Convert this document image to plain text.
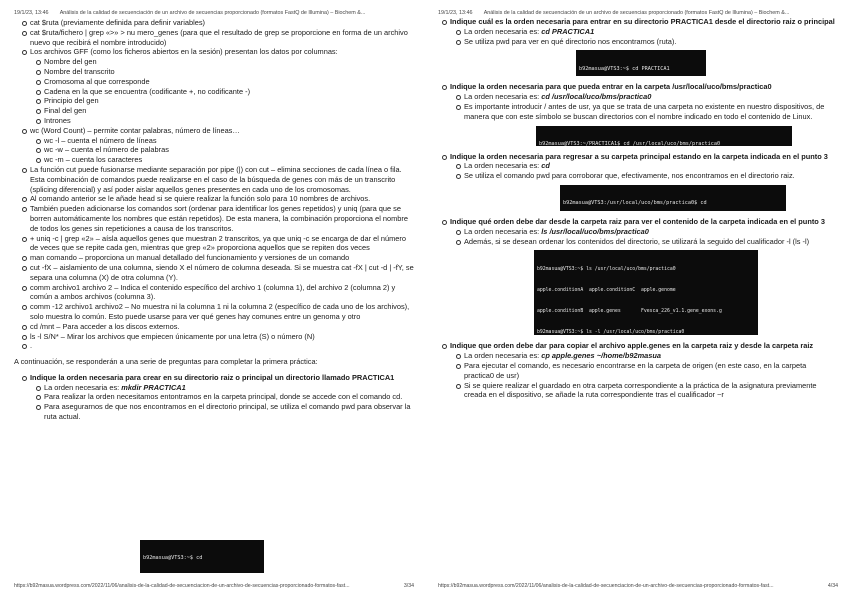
19/1/23, 13:46 Análisis de la calidad de secuenciación de un archivo de secuencias proporcionado (formatos FastQ de Illumina) – Biochem &...
cat $ruta (previamente definida para definir variables)
cat $ruta/fichero | grep «>» > nu mero_genes (para que el resultado de grep se proporcione en forma de un archivo nuevo que recibirá el nombre introducido)
Los archivos GFF (como los ficheros abiertos en la sesión) presentan los datos por columnas:
Nombre del gen
Nombre del transcrito
Cromosoma al que corresponde
Cadena en la que se encuentra (codificante +, no codificante -)
Principio del gen
Final del gen
Intrones
wc (Word Count) – permite contar palabras, número de líneas…
wc -l – cuenta el número de líneas
wc -w – cuenta el número de palabras
wc -m – cuenta los caracteres
La función cut puede fusionarse mediante separación por pipe (|) con cut – elimina secciones de cada línea o fila. Esta combinación de comandos puede realizarse en el caso de la búsqueda de genes con más de un transcrito (splicing diferencial) y así poder aislar aquellos genes presentes en cada uno de los cromosomas.
Al comando anterior se le añade head si se quiere realizar la función solo para 10 nombres de archivos.
También pueden adicionarse los comandos sort (ordenar para identificar los genes repetidos) y uniq (para que se borren automáticamente los nombres que están repetidos). De esta manera, la combinación proporciona el nombre de todos los genes sin repeticiones a causa de los transcritos.
+ uniq -c | grep «2» – aísla aquellos genes que muestran 2 transcritos, ya que uniq -c se encarga de dar el número de veces que se repite cada gen, mientras que grep «2» proporciona aquellos que se repiten dos veces
man comando – proporciona un manual detallado del funcionamiento y versiones de un comando
cut -fX – aislamiento de una columna, siendo X el número de columna deseada. Si se muestra cat -fX | cut -d | -fY, se separa una columna (X) de otra columna (Y).
comm archivo1 archivo 2 – Indica el contenido específico del archivo 1 (columna 1), del archivo 2 (columna 2) y común a ambos archivos (columna 3).
comm -12 archivo1 archivo2 – No muestra ni la columna 1 ni la columna 2 (específico de cada uno de los archivos), solo muestra lo común. Esto puede usarse para ver qué genes hay comunes entre un genoma y otro
cd /mnt – Para acceder a los discos externos.
ls -l S/N* – Mirar los archivos que empiecen únicamente por una letra (S) o número (N)
.

A continuación, se responderán a una serie de preguntas para completar la primera práctica:

Indique la orden necesaria para crear en su directorio raiz o principal un directorio llamado PRACTICA1
La orden necesaria es: mkdir PRACTICA1
Para realizar la orden necesitamos entontramos en la carpeta principal, donde se accede con el comando cd.
Para asegurarnos de que nos encontramos en el directorio principal, se utiliza el comando pwd para observar la ruta actual.

b92masua@VTS3:~$ cd

https://b92masua.wordpress.com/2022/11/06/analisis-de-la-calidad-de-secuenciacion-de-un-archivo-de-secuencias-proporcionado-formatos-fast...	3/34
19/1/23, 13:46 Análisis de la calidad de secuenciación de un archivo de secuencias proporcionado (formatos FastQ de Illumina) – Biochem &...
Indique cuál es la orden necesaria para entrar en su directorio PRACTICA1 desde el directorio raiz o principal
La orden necesaria es: cd PRACTICA1
Se utiliza pwd para ver en qué directorio nos encontramos (ruta).

b92masua@VTS3:~$ cd PRACTICA1

Indique la orden necesaria para que pueda entrar en la carpeta /usr/local/uco/bms/practica0
La orden necesaria es: cd /usr/local/uco/bms/practica0
Es importante introducir / antes de usr, ya que se trata de una carpeta no existente en nuestro dispositivos, de manera que con este símbolo se buscan directorios con el nombre indicado en todo el contenido de Linux.

b92masua@VTS3:~/PRACTICA1$ cd /usr/local/uco/bms/practica0

Indique la orden necesaria para regresar a su carpeta principal estando en la carpeta indicada en el punto 3
La orden necesaria es: cd
Se utiliza el comando pwd para corroborar que, efectivamente, nos encontramos en el directorio raiz.

b92masua@VTS3:/usr/local/uco/bms/practica0$ cd

Indique qué orden debe dar desde la carpeta raiz para ver el contenido de la carpeta indicada en el punto 3
La orden necesaria es: ls /usr/local/uco/bms/practica0
Además, si se desean ordenar los contenidos del directorio, se utilizará la seguido del cualificador -l (ls -l)

b92masua@VTS3:~$ ls /usr/local/uco/bms/practica0

apple.conditionA  apple.conditionC  apple.genome

apple.conditionB  apple.genes       Fvesca_226_v1.1.gene_exons.g

b92masua@VTS3:~$ ls -l /usr/local/uco/bms/practica0

Indique que orden debe dar para copiar el archivo apple.genes en la carpeta raiz y desde la carpeta raiz
La orden necesaria es: cp apple.genes ~/home/b92masua
Para ejecutar el comando, es necesario encontrarse en la carpeta de origen (en este caso, en la carpeta practica0 de usr)
Si se quiere realizar el guardado en otra carpeta correspondiente a la práctica de la asignatura previamente creada en el dispositivo, se añade la ruta correspondiente tras el cualificador ~r
https://b92masua.wordpress.com/2022/11/06/analisis-de-la-calidad-de-secuenciacion-de-un-archivo-de-secuencias-proporcionado-formatos-fast...	4/34
